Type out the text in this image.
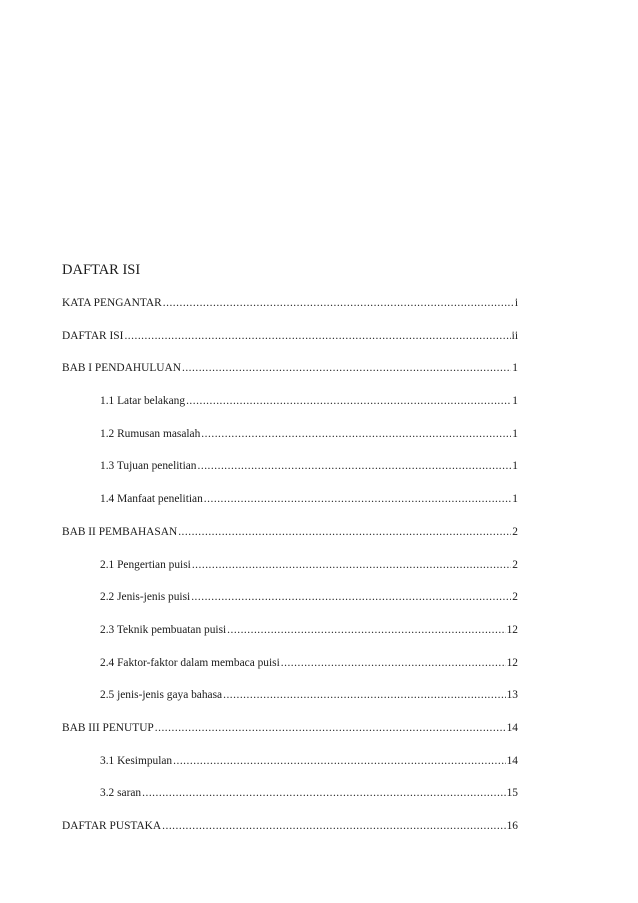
DAFTAR ISI
KATA PENGANTAR .....	i
DAFTAR ISI .....	ii
BAB I PENDAHULUAN .....	1
1.1 Latar belakang .....	1
1.2 Rumusan masalah .....	1
1.3 Tujuan penelitian .....	1
1.4 Manfaat penelitian .....	1
BAB II PEMBAHASAN .....	2
2.1 Pengertian puisi .....	2
2.2 Jenis-jenis puisi .....	2
2.3 Teknik pembuatan puisi .....	12
2.4 Faktor-faktor dalam membaca puisi .....	12
2.5 jenis-jenis gaya bahasa .....	13
BAB III PENUTUP .....	14
3.1 Kesimpulan .....	14
3.2 saran .....	15
DAFTAR PUSTAKA .....	16
